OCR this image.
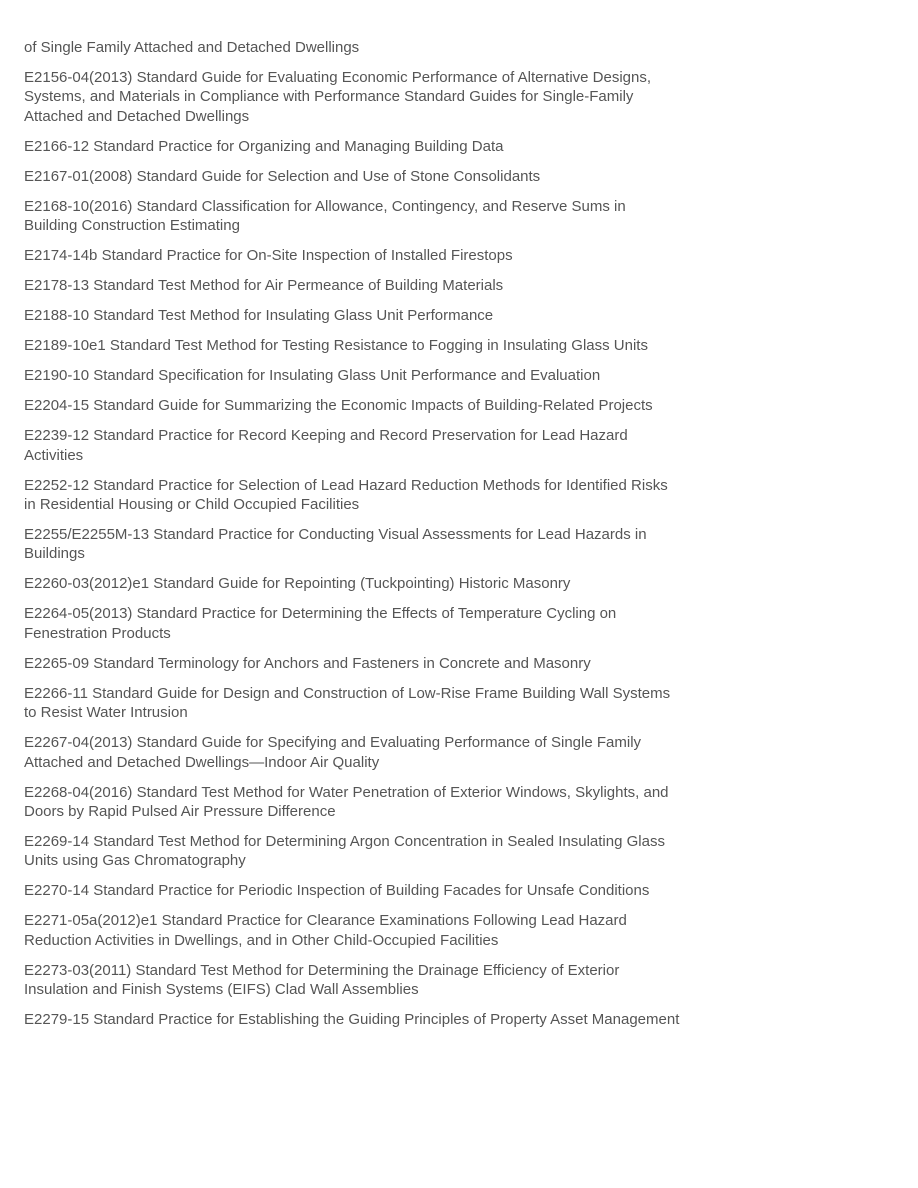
of Single Family Attached and Detached Dwellings

E2156-04(2013) Standard Guide for Evaluating Economic Performance of Alternative Designs, Systems, and Materials in Compliance with Performance Standard Guides for Single-Family Attached and Detached Dwellings
E2166-12 Standard Practice for Organizing and Managing Building Data
E2167-01(2008) Standard Guide for Selection and Use of Stone Consolidants
E2168-10(2016) Standard Classification for Allowance, Contingency, and Reserve Sums in Building Construction Estimating
E2174-14b Standard Practice for On-Site Inspection of Installed Firestops
E2178-13 Standard Test Method for Air Permeance of Building Materials
E2188-10 Standard Test Method for Insulating Glass Unit Performance
E2189-10e1 Standard Test Method for Testing Resistance to Fogging in Insulating Glass Units
E2190-10 Standard Specification for Insulating Glass Unit Performance and Evaluation
E2204-15 Standard Guide for Summarizing the Economic Impacts of Building-Related Projects
E2239-12 Standard Practice for Record Keeping and Record Preservation for Lead Hazard Activities
E2252-12 Standard Practice for Selection of Lead Hazard Reduction Methods for Identified Risks in Residential Housing or Child Occupied Facilities
E2255/E2255M-13 Standard Practice for Conducting Visual Assessments for Lead Hazards in Buildings
E2260-03(2012)e1 Standard Guide for Repointing (Tuckpointing) Historic Masonry
E2264-05(2013) Standard Practice for Determining the Effects of Temperature Cycling on Fenestration Products
E2265-09 Standard Terminology for Anchors and Fasteners in Concrete and Masonry
E2266-11 Standard Guide for Design and Construction of Low-Rise Frame Building Wall Systems to Resist Water Intrusion
E2267-04(2013) Standard Guide for Specifying and Evaluating Performance of Single Family Attached and Detached Dwellings—Indoor Air Quality
E2268-04(2016) Standard Test Method for Water Penetration of Exterior Windows, Skylights, and Doors by Rapid Pulsed Air Pressure Difference
E2269-14 Standard Test Method for Determining Argon Concentration in Sealed Insulating Glass Units using Gas Chromatography
E2270-14 Standard Practice for Periodic Inspection of Building Facades for Unsafe Conditions
E2271-05a(2012)e1 Standard Practice for Clearance Examinations Following Lead Hazard Reduction Activities in Dwellings, and in Other Child-Occupied Facilities
E2273-03(2011) Standard Test Method for Determining the Drainage Efficiency of Exterior Insulation and Finish Systems (EIFS) Clad Wall Assemblies
E2279-15 Standard Practice for Establishing the Guiding Principles of Property Asset Management
